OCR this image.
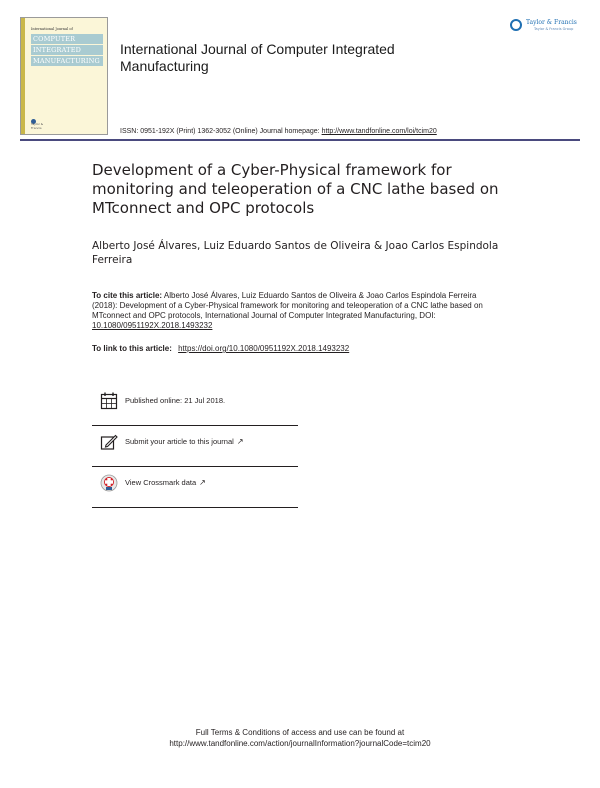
International Journal of
COMPUTER
INTEGRATED
MANUFACTURING
Taylor & Francis
International Journal of Computer Integrated Manufacturing
Taylor & Francis
Taylor & Francis Group
ISSN: 0951-192X (Print) 1362-3052 (Online) Journal homepage: http://www.tandfonline.com/loi/tcim20
Development of a Cyber-Physical framework for monitoring and teleoperation of a CNC lathe based on MTconnect and OPC protocols
Alberto José Álvares, Luiz Eduardo Santos de Oliveira & Joao Carlos Espindola Ferreira
To cite this article: Alberto José Álvares, Luiz Eduardo Santos de Oliveira & Joao Carlos Espindola Ferreira (2018): Development of a Cyber-Physical framework for monitoring and teleoperation of a CNC lathe based on MTconnect and OPC protocols, International Journal of Computer Integrated Manufacturing, DOI: 10.1080/0951192X.2018.1493232
To link to this article: https://doi.org/10.1080/0951192X.2018.1493232
Published online: 21 Jul 2018.
Submit your article to this journal ↗
View Crossmark data ↗
Full Terms & Conditions of access and use can be found at
http://www.tandfonline.com/action/journalInformation?journalCode=tcim20
